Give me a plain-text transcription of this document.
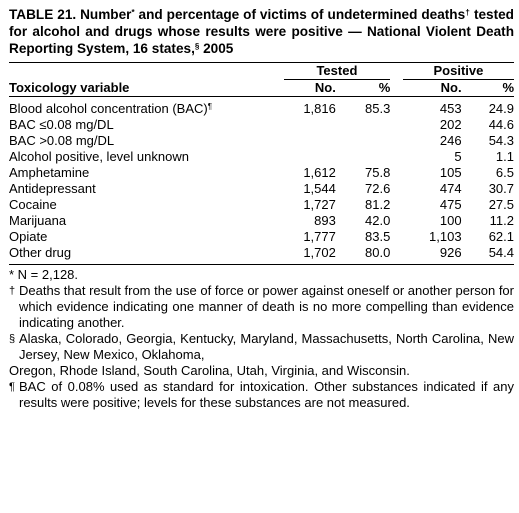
TABLE 21. Number* and percentage of victims of undetermined deaths† tested for alcohol and drugs whose results were positive — National Violent Death Reporting System, 16 states,§ 2005

	Tested			Positive	
Toxicology variable	No.	%		No.	%
Blood alcohol concentration (BAC)¶	1,816	85.3		453	24.9
BAC ≤0.08 mg/DL				202	44.6
BAC >0.08 mg/DL				246	54.3
Alcohol positive, level unknown				5	1.1
Amphetamine	1,612	75.8		105	6.5
Antidepressant	1,544	72.6		474	30.7
Cocaine	1,727	81.2		475	27.5
Marijuana	893	42.0		100	11.2
Opiate	1,777	83.5		1,103	62.1
Other drug	1,702	80.0		926	54.4
* N = 2,128.
† Deaths that result from the use of force or power against oneself or another person for which evidence indicating one manner of death is no more compelling than evidence indicating another.
§ Alaska, Colorado, Georgia, Kentucky, Maryland, Massachusetts, North Carolina, New Jersey, New Mexico, Oklahoma,
Oregon, Rhode Island, South Carolina, Utah, Virginia, and Wisconsin.
¶ BAC of 0.08% used as standard for intoxication. Other substances indicated if any results were positive; levels for these substances are not measured.
